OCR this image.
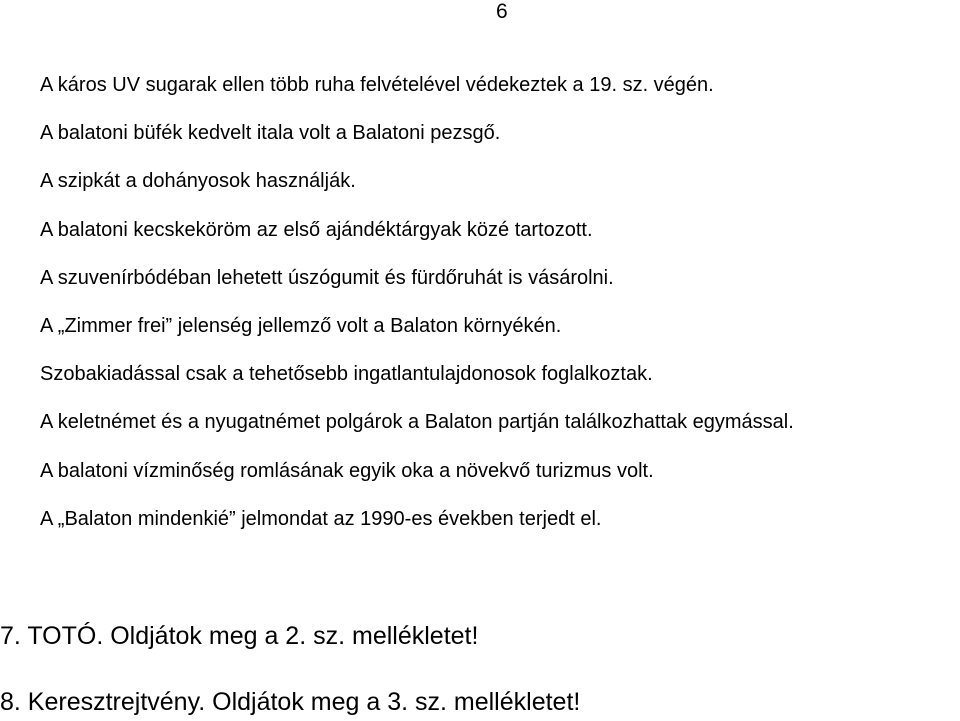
6
A káros UV sugarak ellen több ruha felvételével védekeztek a 19. sz. végén.
A balatoni büfék kedvelt itala volt a Balatoni pezsgő.
A szipkát a dohányosok használják.
A balatoni kecskeköröm az első ajándéktárgyak közé tartozott.
A szuvenírbódéban lehetett úszógumit és fürdőruhát is vásárolni.
A „Zimmer frei” jelenség jellemző volt a Balaton környékén.
Szobakiadással csak a tehetősebb ingatlantulajdonosok foglalkoztak.
A keletnémet és a nyugatnémet polgárok a Balaton partján találkozhattak egymással.
A balatoni vízminőség romlásának egyik oka a növekvő turizmus volt.
A „Balaton mindenkié” jelmondat az 1990-es években terjedt el.
7. TOTÓ. Oldjátok meg a 2. sz. mellékletet!
8. Keresztrejtvény. Oldjátok meg a 3. sz. mellékletet!
